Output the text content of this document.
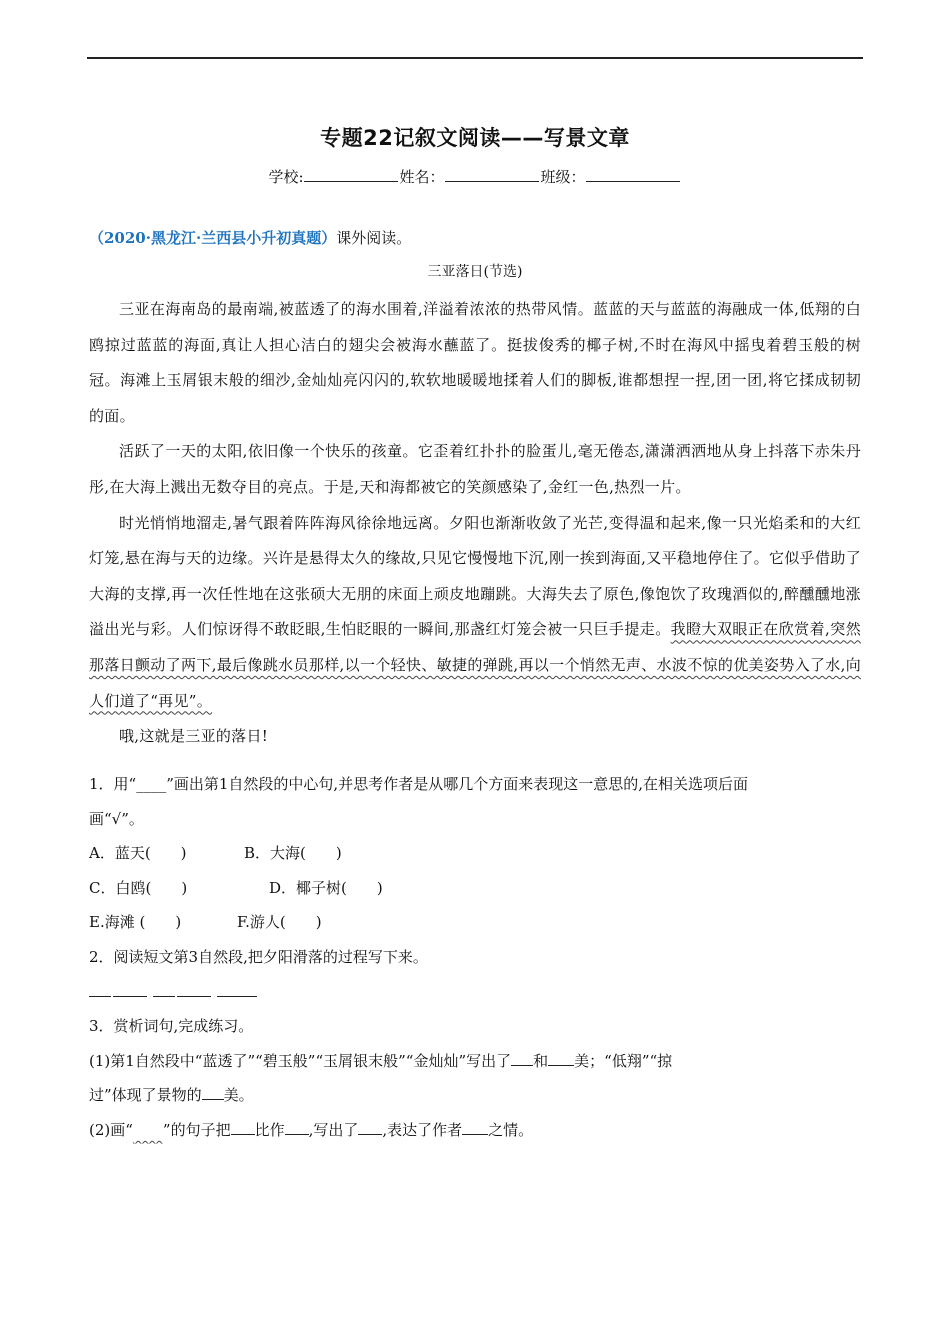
专题22记叙文阅读——写景文章
学校:	姓名：	班级：
（2020·黑龙江·兰西县小升初真题）课外阅读。
三亚落日(节选)

三亚在海南岛的最南端,被蓝透了的海水围着,洋溢着浓浓的热带风情。蓝蓝的天与蓝蓝的海融成一体,低翔的白鸥掠过蓝蓝的海面,真让人担心洁白的翅尖会被海水蘸蓝了。挺拔俊秀的椰子树,不时在海风中摇曳着碧玉般的树冠。海滩上玉屑银末般的细沙,金灿灿亮闪闪的,软软地暖暖地揉着人们的脚板,谁都想捏一捏,团一团,将它揉成韧韧的面。

活跃了一天的太阳,依旧像一个快乐的孩童。它歪着红扑扑的脸蛋儿,毫无倦态,潇潇洒洒地从身上抖落下赤朱丹彤,在大海上溅出无数夺目的亮点。于是,天和海都被它的笑颜感染了,金红一色,热烈一片。

时光悄悄地溜走,暑气跟着阵阵海风徐徐地远离。夕阳也渐渐收敛了光芒,变得温和起来,像一只光焰柔和的大红灯笼,悬在海与天的边缘。兴许是悬得太久的缘故,只见它慢慢地下沉,刚一挨到海面,又平稳地停住了。它似乎借助了大海的支撑,再一次任性地在这张硕大无朋的床面上顽皮地蹦跳。大海失去了原色,像饱饮了玫瑰酒似的,醉醺醺地涨溢出光与彩。人们惊讶得不敢眨眼,生怕眨眼的一瞬间,那盏红灯笼会被一只巨手提走。我瞪大双眼正在欣赏着,突然那落日颤动了两下,最后像跳水员那样,以一个轻快、敏捷的弹跳,再以一个悄然无声、水波不惊的优美姿势入了水,向人们道了“再见”。

哦,这就是三亚的落日!

1．用“____”画出第1自然段的中心句,并思考作者是从哪几个方面来表现这一意思的,在相关选项后面
画“√”。
A．蓝天(　　)	B．大海(　　)
C．白鸥(　　)	D．椰子树(　　)
E.海滩 (　　)	F.游人(　　)
2．阅读短文第3自然段,把夕阳滑落的过程写下来。
3．赏析词句,完成练习。
(1)第1自然段中“蓝透了”“碧玉般”“玉屑银末般”“金灿灿”写出了 和 美；“低翔”“掠
过”体现了景物的 美。
(2)画“   ”的句子把 比作 ,写出了 ,表达了作者 之情。
